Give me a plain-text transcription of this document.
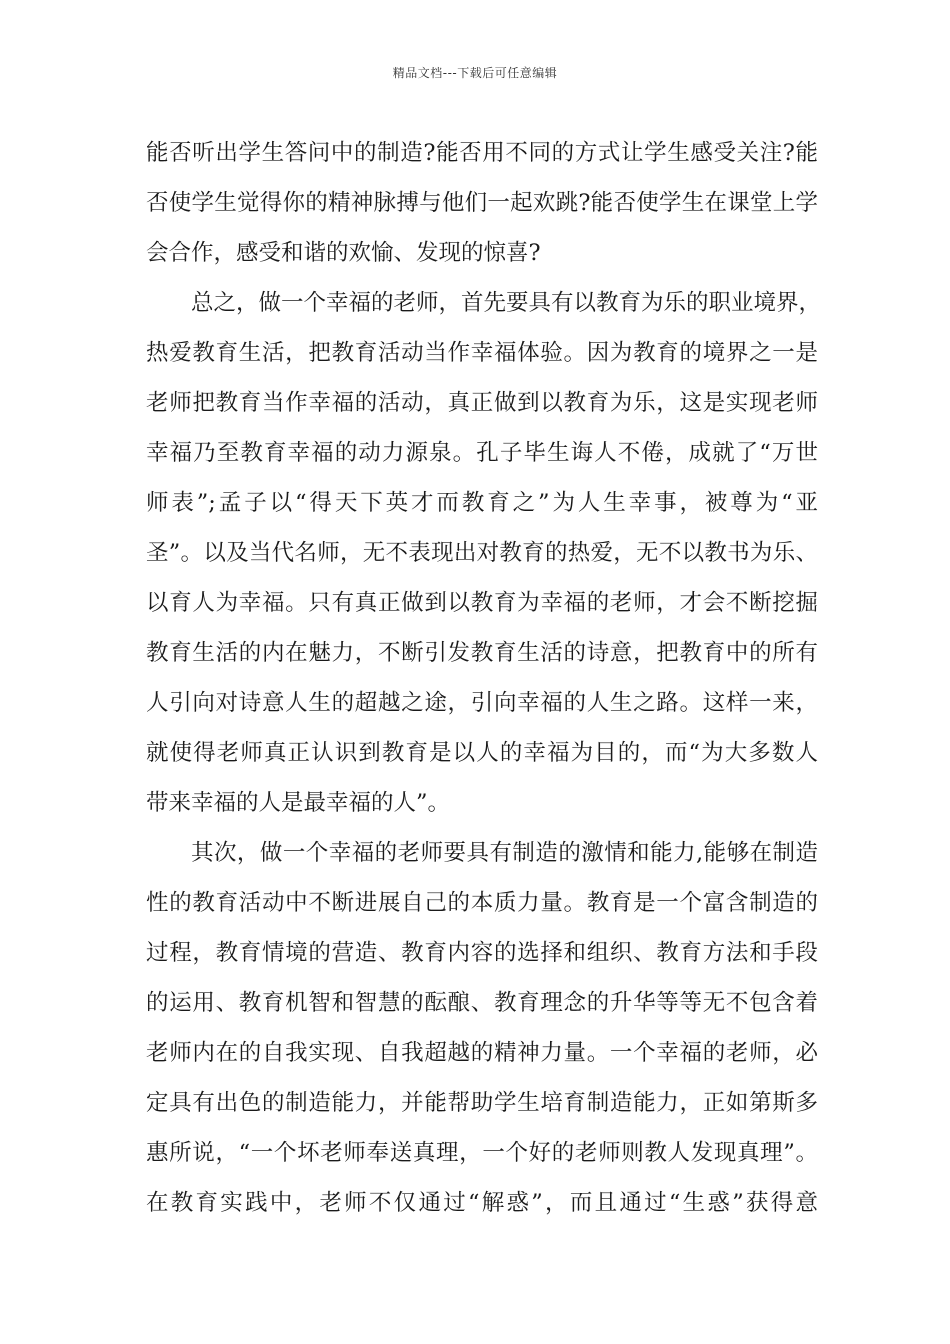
精品文档---下载后可任意编辑
能否听出学生答问中的制造?能否用不同的方式让学生感受关注?能
否使学生觉得你的精神脉搏与他们一起欢跳?能否使学生在课堂上学
会合作，感受和谐的欢愉、发现的惊喜?
总之，做一个幸福的老师，首先要具有以教育为乐的职业境界，
热爱教育生活，把教育活动当作幸福体验。因为教育的境界之一是
老师把教育当作幸福的活动，真正做到以教育为乐，这是实现老师
幸福乃至教育幸福的动力源泉。孔子毕生诲人不倦，成就了“万世
师表”;孟子以“得天下英才而教育之”为人生幸事，被尊为“亚
圣”。以及当代名师，无不表现出对教育的热爱，无不以教书为乐、
以育人为幸福。只有真正做到以教育为幸福的老师，才会不断挖掘
教育生活的内在魅力，不断引发教育生活的诗意，把教育中的所有
人引向对诗意人生的超越之途，引向幸福的人生之路。这样一来，
就使得老师真正认识到教育是以人的幸福为目的，而“为大多数人
带来幸福的人是最幸福的人”。
其次，做一个幸福的老师要具有制造的激情和能力,能够在制造
性的教育活动中不断进展自己的本质力量。教育是一个富含制造的
过程，教育情境的营造、教育内容的选择和组织、教育方法和手段
的运用、教育机智和智慧的酝酿、教育理念的升华等等无不包含着
老师内在的自我实现、自我超越的精神力量。一个幸福的老师，必
定具有出色的制造能力，并能帮助学生培育制造能力，正如第斯多
惠所说，“一个坏老师奉送真理，一个好的老师则教人发现真理”。
在教育实践中，老师不仅通过“解惑”，而且通过“生惑”获得意
